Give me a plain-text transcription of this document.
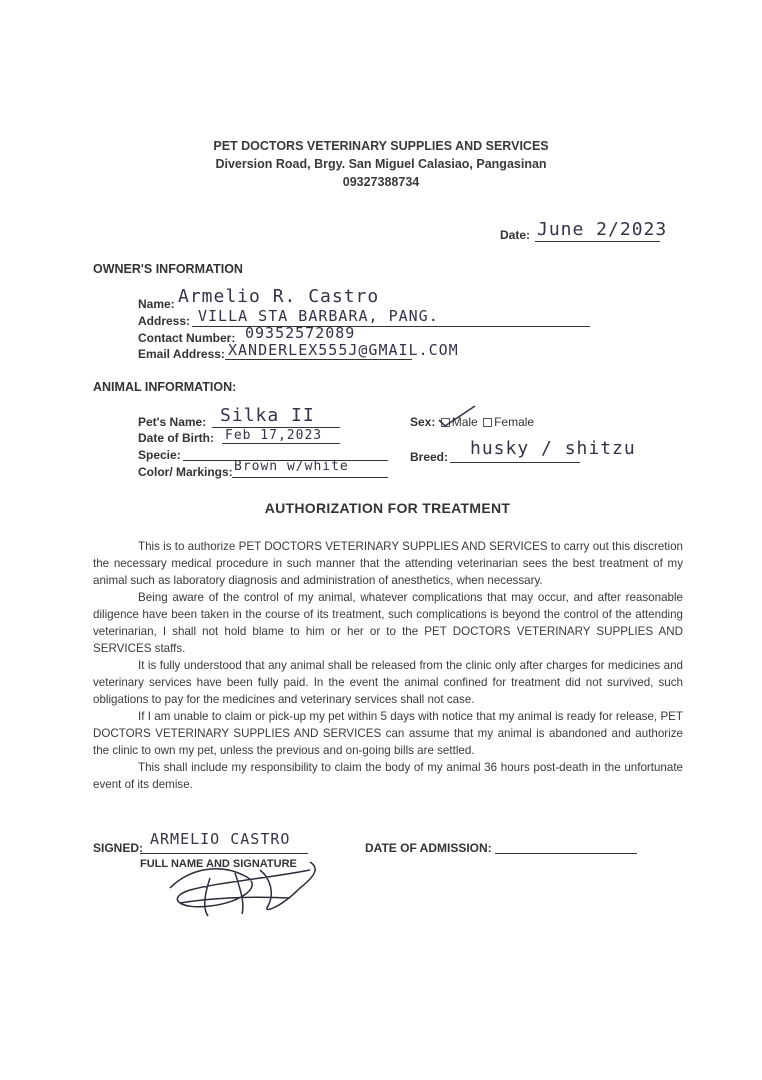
PET DOCTORS VETERINARY SUPPLIES AND SERVICES
Diversion Road, Brgy. San Miguel Calasiao, Pangasinan
09327388734
Date: June 2/2023
OWNER'S INFORMATION
Name: Armelio R. Castro
Address: VILLA STA BARBARA, PANG.
Contact Number: 09352572089
Email Address: XANDERLEX555J@GMAIL.COM
ANIMAL INFORMATION:
Pet's Name: Silka II
Date of Birth: Feb 17,2023
Specie:
Color/ Markings: Brown w/white
Sex: Male Female
Breed: husky / shitzu
AUTHORIZATION FOR TREATMENT

This is to authorize PET DOCTORS VETERINARY SUPPLIES AND SERVICES to carry out this discretion the necessary medical procedure in such manner that the attending veterinarian sees the best treatment of my animal such as laboratory diagnosis and administration of anesthetics, when necessary.

Being aware of the control of my animal, whatever complications that may occur, and after reasonable diligence have been taken in the course of its treatment, such complications is beyond the control of the attending veterinarian, I shall not hold blame to him or her or to the PET DOCTORS VETERINARY SUPPLIES AND SERVICES staffs.

It is fully understood that any animal shall be released from the clinic only after charges for medicines and veterinary services have been fully paid. In the event the animal confined for treatment did not survived, such obligations to pay for the medicines and veterinary services shall not case.

If I am unable to claim or pick-up my pet within 5 days with notice that my animal is ready for release, PET DOCTORS VETERINARY SUPPLIES AND SERVICES can assume that my animal is abandoned and authorize the clinic to own my pet, unless the previous and on-going bills are settled.

This shall include my responsibility to claim the body of my animal 36 hours post-death in the unfortunate event of its demise.

SIGNED: ARMELIO CASTRO
FULL NAME AND SIGNATURE
DATE OF ADMISSION:
